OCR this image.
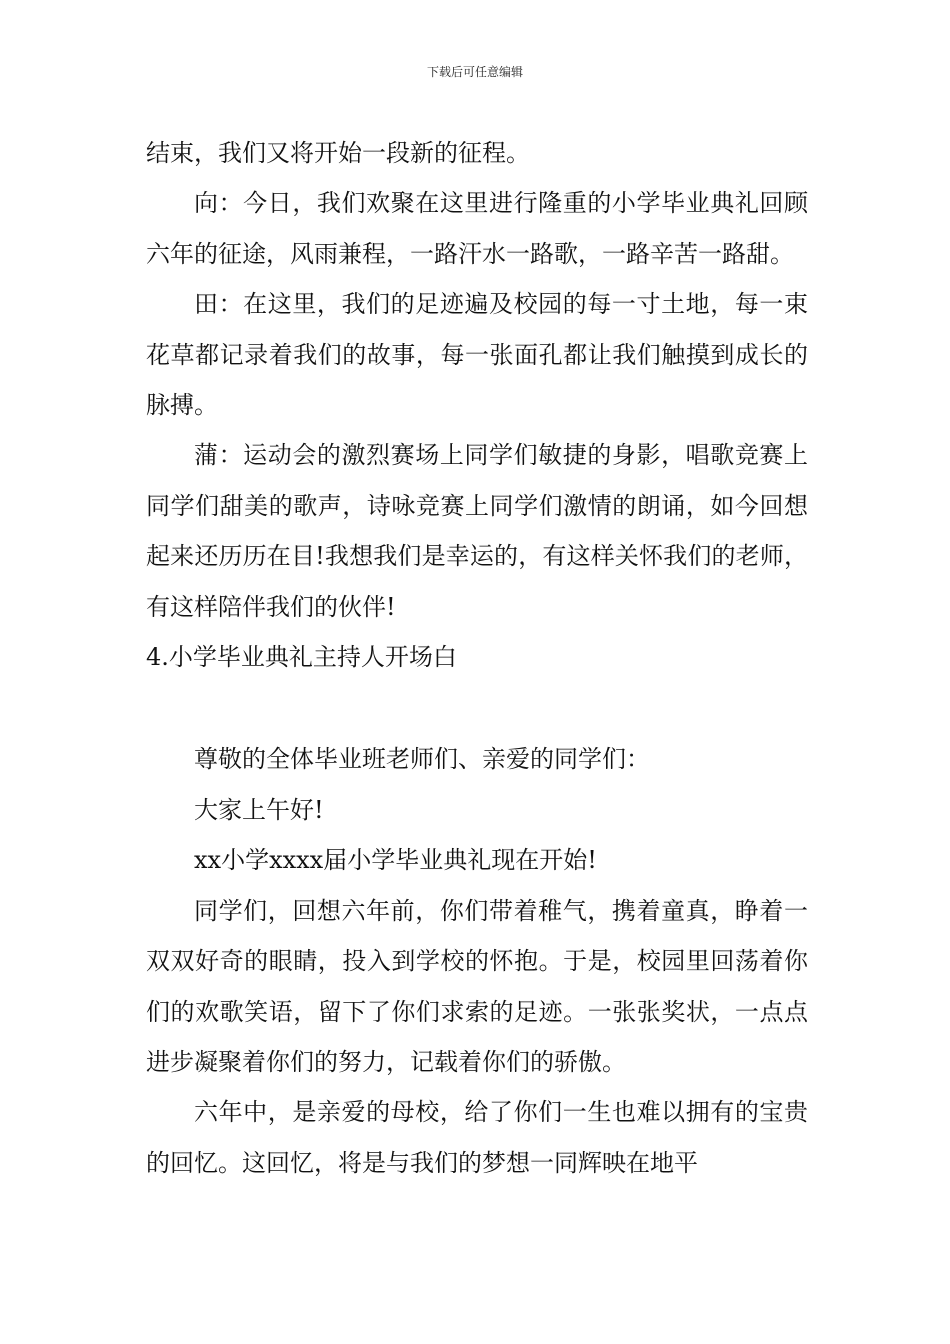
下载后可任意编辑

结束，我们又将开始一段新的征程。

向：今日，我们欢聚在这里进行隆重的小学毕业典礼回顾六年的征途，风雨兼程，一路汗水一路歌，一路辛苦一路甜。

田：在这里，我们的足迹遍及校园的每一寸土地，每一束花草都记录着我们的故事，每一张面孔都让我们触摸到成长的脉搏。

蒲：运动会的激烈赛场上同学们敏捷的身影，唱歌竞赛上同学们甜美的歌声，诗咏竞赛上同学们激情的朗诵，如今回想起来还历历在目!我想我们是幸运的，有这样关怀我们的老师，有这样陪伴我们的伙伴!

4.小学毕业典礼主持人开场白

尊敬的全体毕业班老师们、亲爱的同学们：

大家上午好!

xx小学xxxx届小学毕业典礼现在开始!

同学们，回想六年前，你们带着稚气，携着童真，睁着一双双好奇的眼睛，投入到学校的怀抱。于是，校园里回荡着你们的欢歌笑语，留下了你们求索的足迹。一张张奖状，一点点进步凝聚着你们的努力，记载着你们的骄傲。

六年中，是亲爱的母校，给了你们一生也难以拥有的宝贵的回忆。这回忆，将是与我们的梦想一同辉映在地平
